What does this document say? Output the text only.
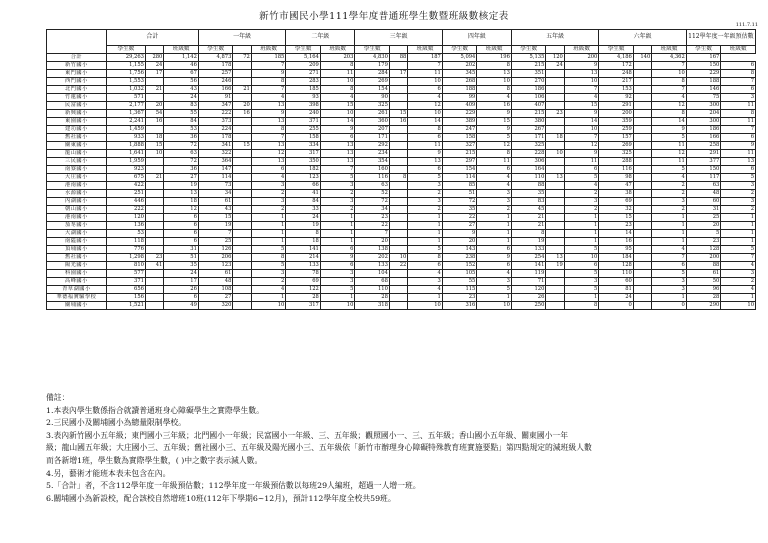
新竹市國民小學111學年度普通班學生數暨班級數核定表
111.7.11
	合計			一年級			二年級		三年級			四年級		五年級			六年級			112學年度一年級預估數	
	學生數		班級數	學生數		班級數	學生數	班級數	學生數		班級數	學生數	班級數	學生數		班級數	學生數		班級數	學生數	班級數
合計	29,263	280	1,142	4,873	72	185	5,164	203	4,830	88	187	5,094	196	5,135	120	200	4,186	140	4,362	167	
新竹國小	1,155	24	46	178		7	209	8	179		7	202	8	215	24	9	172		7	150	6
東門國小	1,756	17	67	257		9	271	11	284	17	11	345	13	351		13	248		10	229	8
西門國小	1,553		56	246		8	283	10	269		10	268	10	270		10	217		8	188	7
北門國小	1,032	21	43	166	21	7	185	8	154		6	188	8	186		7	153		7	146	6
竹蓮國小	571		24	91		4	93	4	90		4	99	4	106		4	92		4	75	3
民富國小	2,177	20	83	347	20	13	398	15	325		12	409	16	407		15	291		12	300	11
新興國小	1,367	54	55	222	16	9	240	10	261	15	10	229	9	215	23	9	200		8	204	8
東園國小	2,241	16	84	373		13	371	14	360	16	14	389	15	380		14	359		14	300	11
建功國小	1,459		53	224		8	255	9	207		8	247	9	267		10	259		9	186	7
舊社國小	933	18	36	178		7	158	6	171		6	158	5	171	18	7	157		5	166	6
關東國小	1,888	15	72	341	15	13	334	13	292		11	327	12	325		12	269		11	258	9
龍山國小	1,641	10	63	322		12	317	13	234		9	215	8	228	10	9	325		12	291	11
三民國小	1,959		72	364		13	350	13	354		13	297	11	306		11	288		11	377	13
南寮國小	923		36	147		6	182	7	160		6	154	6	164		6	116		5	150	6
大庄國小	675	21	27	114		4	123	5	116	8	5	114	4	110	13	5	98		4	117	5
港南國小	422		19	73		3	66	3	63		3	85	4	88		4	47		2	63	3
水源國小	251		13	34		2	41	2	52		2	51	3	35		2	38		2	48	2
內湖國小	446		18	61		3	84	3	72		3	72	3	83		3	69		3	60	3
朝山國小	222		12	43		2	33	2	34		2	35	2	45		2	32		2	31	2
港南國小	120		6	15		1	24	1	23		1	22	1	21		1	15		1	25	1
茄苳國小	136		6	19		1	19	1	22		1	27	1	21		1	23		1	20	1
大湖國小	53		6	7		1	8	1	7		1	9	1	8		1	14		1	5	1
南隘國小	118		6	25		1	18	1	20		1	20	1	19		1	16		1	23	1
頂埔國小	776		31	126		5	141	6	138		5	143	6	133		5	95		4	128	5
舊社國小	1,298	23	51	206		8	214	9	202	10	8	238	9	254	13	10	184		7	200	7
陽光國小	810	41	35	123		5	133	6	133	22	6	152	6	141	19	6	128		6	88	4
科園國小	577		24	61		3	78	3	104		4	105	4	119		5	110		5	61	3
高峰國小	371		17	48		2	69	3	68		3	55	3	71		3	60		3	50	2
青草湖國小	656		26	108		4	122	5	110		4	115	5	120		5	81		3	96	4
華德福實驗學校	156		6	27		1	28	1	28		1	23	1	26		1	24		1	28	1
關埔國小	1,521		49	320		10	317	10	318		10	316	10	250		8	0		0	290	10
備註：
1.本表內學生數係指合就讀普通班身心障礙學生之實際學生數。
2.三民國小及關埔國小為總量限制學校。
3.表內新竹國小五年級；東門國小三年級；北門國小一年級；民富國小一年級、三、五年級；觀照國小一、三、五年級；香山國小五年級、關東國小一年
級；龍山國五年級；大庄國小三、五年級；舊社國小三、五年級及陽光國小三、五年級依「新竹市辦理身心障礙特殊教育班實施要點」第四點規定的減班級人數
而各新增1班，學生數為實際學生數，( )中之數字表示減人數。
4.另，藝術才能班本表未包含在內。
5.「合計」者，不含112學年度一年級預估數；112學年度一年級預估數以每班29人編班，超過一人增一班。
6.關埔國小為新設校，配合該校自然增班10班(112年下學期6~12月)，預計112學年度全校共59班。
